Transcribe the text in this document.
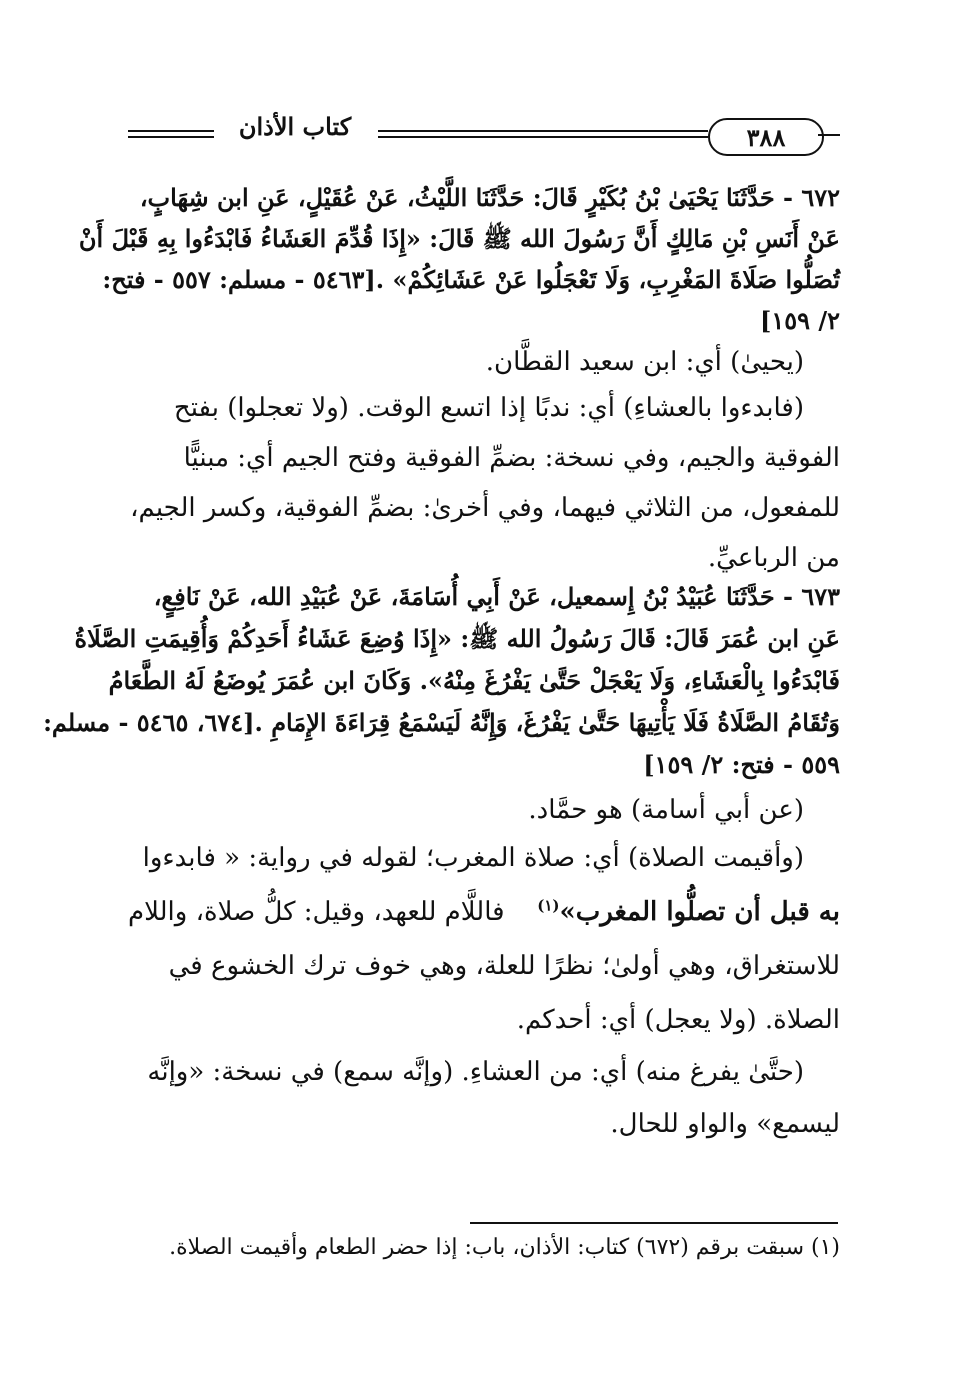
كتاب الأذان	٣٨٨
٦٧٢ - حَدَّثَنَا يَحْيَىٰ بْنُ بُكَيْرٍ قَالَ: حَدَّثَنَا اللَّيْثُ، عَنْ عُقَيْلٍ، عَنِ ابن شِهَابٍ،
عَنْ أَنَسِ بْنِ مَالِكٍ أَنَّ رَسُولَ الله ﷺ قَالَ: «إِذَا قُدِّمَ العَشَاءُ فَابْدَءُوا بِهِ قَبْلَ أَنْ
تُصَلُّوا صَلَاةَ المَغْرِبِ، وَلَا تَعْجَلُوا عَنْ عَشَائِكُمْ» .[٥٤٦٣ - مسلم: ٥٥٧ - فتح:
٢/ ١٥٩]
(يحيىٰ) أي: ابن سعيد القطَّان.
(فابدءوا بالعشاءِ) أي: ندبًا إذا اتسع الوقت. (ولا تعجلوا) بفتح
الفوقية والجيم، وفي نسخة: بضمِّ الفوقية وفتح الجيم أي: مبنيًّا
للمفعول، من الثلاثي فيهما، وفي أخرىٰ: بضمِّ الفوقية، وكسر الجيم،
من الرباعيِّ.
٦٧٣ - حَدَّثَنَا عُبَيْدُ بْنُ إِسمعيل، عَنْ أَبِي أُسَامَةَ، عَنْ عُبَيْدِ الله، عَنْ نَافِعٍ،
عَنِ ابن عُمَرَ قَالَ: قَالَ رَسُولُ الله ﷺ: «إِذَا وُضِعَ عَشَاءُ أَحَدِكُمْ وَأُقِيمَتِ الصَّلَاةُ
فَابْدَءُوا بِالْعَشَاءِ، وَلَا يَعْجَلْ حَتَّىٰ يَفْرُغَ مِنْهُ». وَكَانَ ابن عُمَرَ يُوضَعُ لَهُ الطَّعَامُ
وَتُقَامُ الصَّلَاةُ فَلَا يَأْتِيهَا حَتَّىٰ يَفْرُغَ، وَإِنَّهُ لَيَسْمَعُ قِرَاءَةَ الإِمَامِ .[٦٧٤، ٥٤٦٥ - مسلم:
٥٥٩ - فتح: ٢/ ١٥٩]
(عن أبي أسامة) هو حمَّاد.
(وأقيمت الصلاة) أي: صلاة المغرب؛ لقوله في رواية: « فابدءوا
به قبل أن تصلُّوا المغرب»$^{(١)}$
فاللَّام للعهد، وقيل: كلُّ صلاة، واللام
للاستغراق، وهي أولىٰ؛ نظرًا للعلة، وهي خوف ترك الخشوع في
الصلاة. (ولا يعجل) أي: أحدكم.
(حتَّىٰ يفرغ منه) أي: من العشاءِ. (وإنَّه سمع) في نسخة: «وإنَّه
ليسمع» والواو للحال.
(١) سبقت برقم (٦٧٢) كتاب: الأذان، باب: إذا حضر الطعام وأقيمت الصلاة.
